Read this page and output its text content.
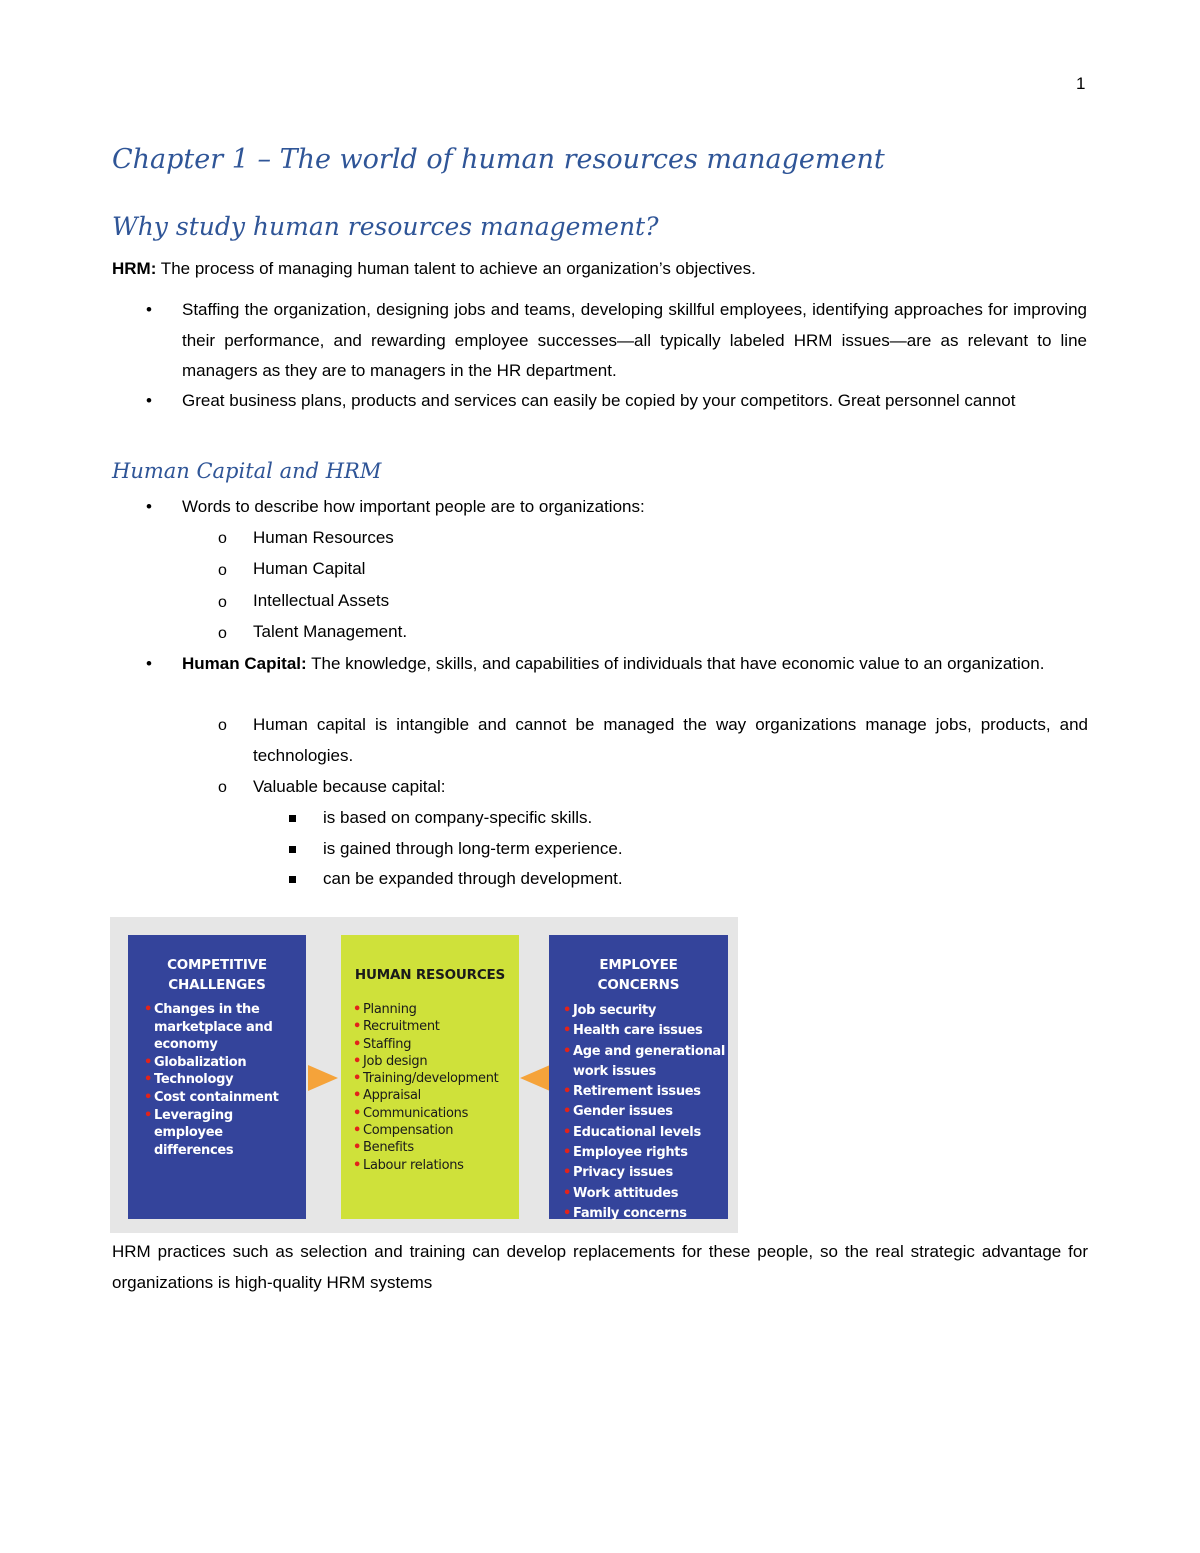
1
Chapter 1 – The world of human resources management
Why study human resources management?
HRM: The process of managing human talent to achieve an organization’s objectives.
• Staffing the organization, designing jobs and teams, developing skillful employees, identifying approaches for improving their performance, and rewarding employee successes—all typically labeled HRM issues—are as relevant to line managers as they are to managers in the HR department.
• Great business plans, products and services can easily be copied by your competitors. Great personnel cannot
Human Capital and HRM
• Words to describe how important people are to organizations:
o Human Resources
o Human Capital
o Intellectual Assets
o Talent Management.
• Human Capital: The knowledge, skills, and capabilities of individuals that have economic value to an organization.
o Human capital is intangible and cannot be managed the way organizations manage jobs, products, and technologies.
o Valuable because capital:
is based on company-specific skills.
is gained through long-term experience.
can be expanded through development.
COMPETITIVE
CHALLENGES
• Changes in the marketplace and economy
• Globalization
• Technology
• Cost containment
• Leveraging employee differences
HUMAN RESOURCES
• Planning
• Recruitment
• Staffing
• Job design
• Training/development
• Appraisal
• Communications
• Compensation
• Benefits
• Labour relations
EMPLOYEE
CONCERNS
• Job security
• Health care issues
• Age and generational work issues
• Retirement issues
• Gender issues
• Educational levels
• Employee rights
• Privacy issues
• Work attitudes
• Family concerns
HRM practices such as selection and training can develop replacements for these people, so the real strategic advantage for organizations is high-quality HRM systems
